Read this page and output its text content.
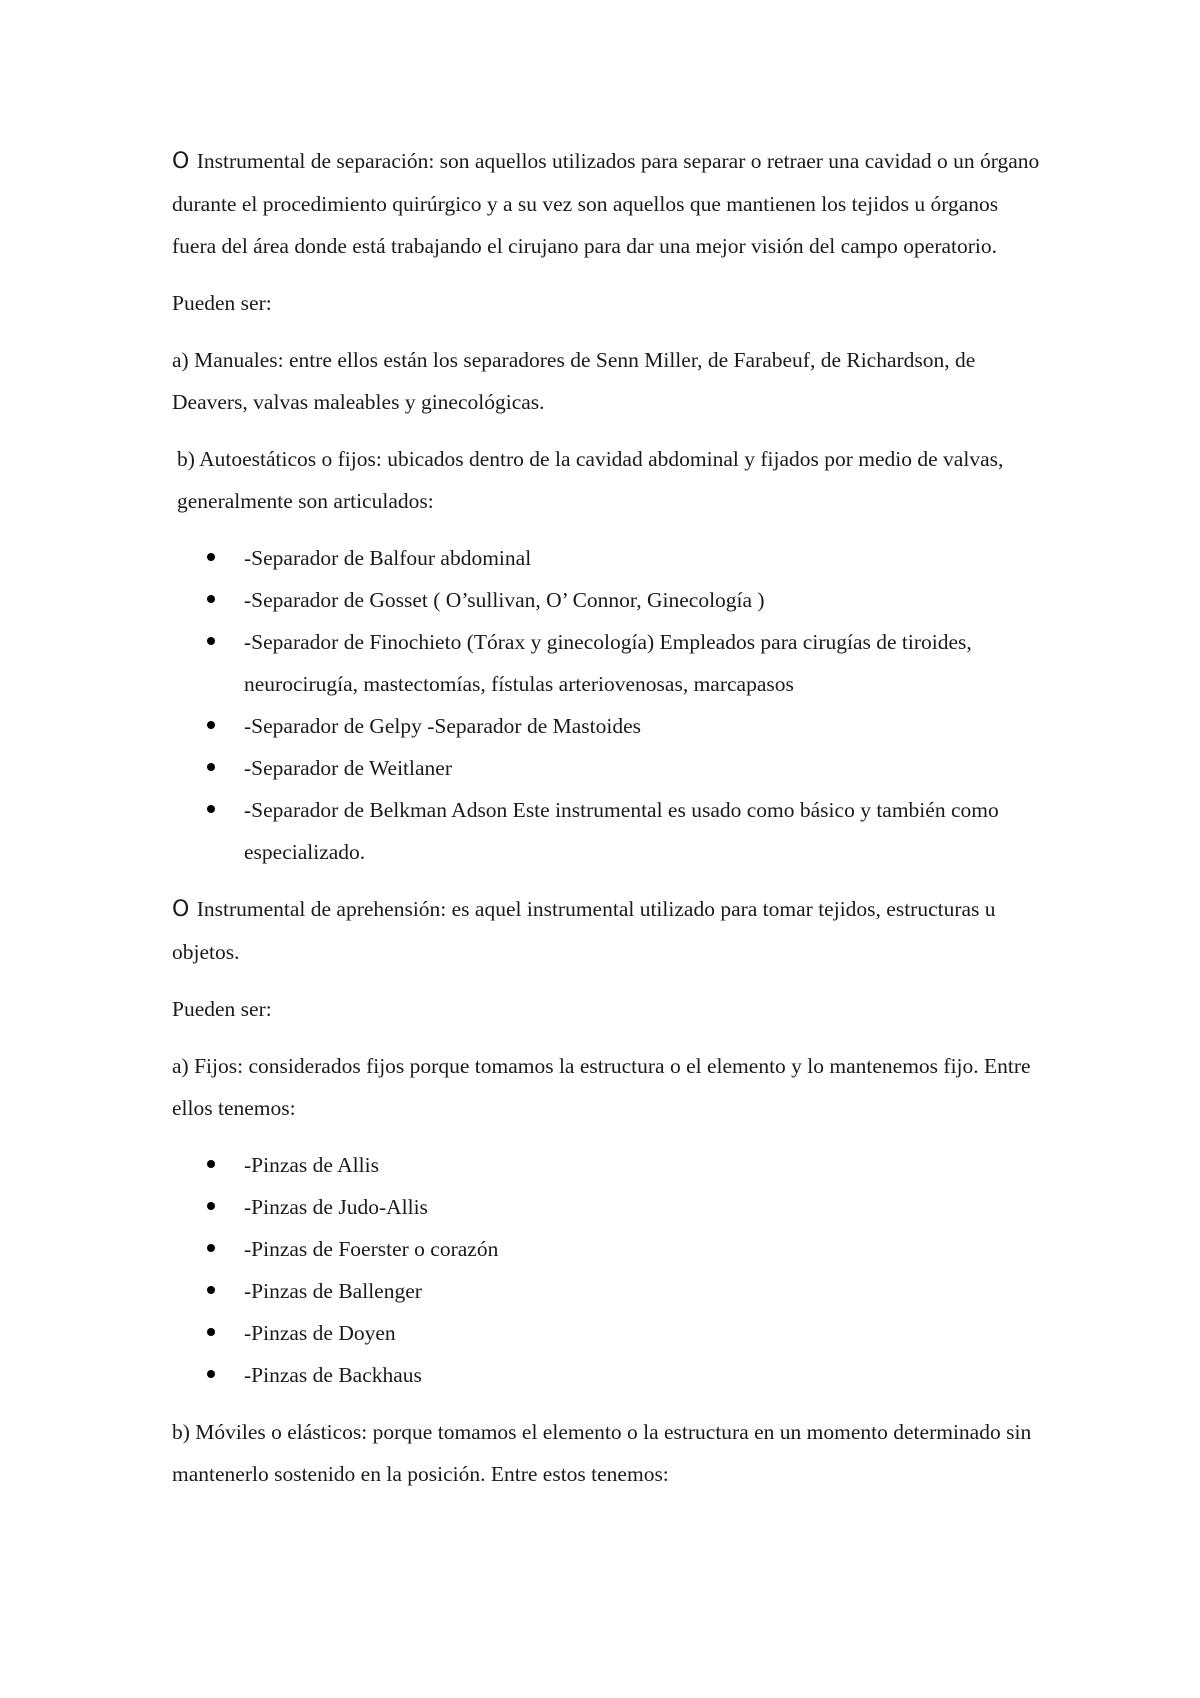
O Instrumental de separación: son aquellos utilizados para separar o retraer una cavidad o un órgano durante el procedimiento quirúrgico y a su vez son aquellos que mantienen los tejidos u órganos fuera del área donde está trabajando el cirujano para dar una mejor visión del campo operatorio.

Pueden ser:

a) Manuales: entre ellos están los separadores de Senn Miller, de Farabeuf, de Richardson, de Deavers, valvas maleables y ginecológicas.

b) Autoestáticos o fijos: ubicados dentro de la cavidad abdominal y fijados por medio de valvas, generalmente son articulados:

-Separador de Balfour abdominal
-Separador de Gosset ( O’sullivan, O’ Connor, Ginecología )
-Separador de Finochieto (Tórax y ginecología) Empleados para cirugías de tiroides, neurocirugía, mastectomías, fístulas arteriovenosas, marcapasos
-Separador de Gelpy -Separador de Mastoides
-Separador de Weitlaner
-Separador de Belkman Adson Este instrumental es usado como básico y también como especializado.

O Instrumental de aprehensión: es aquel instrumental utilizado para tomar tejidos, estructuras u objetos.

Pueden ser:

a) Fijos: considerados fijos porque tomamos la estructura o el elemento y lo mantenemos fijo. Entre ellos tenemos:

-Pinzas de Allis
-Pinzas de Judo-Allis
-Pinzas de Foerster o corazón
-Pinzas de Ballenger
-Pinzas de Doyen
-Pinzas de Backhaus

b) Móviles o elásticos: porque tomamos el elemento o la estructura en un momento determinado sin mantenerlo sostenido en la posición. Entre estos tenemos:
